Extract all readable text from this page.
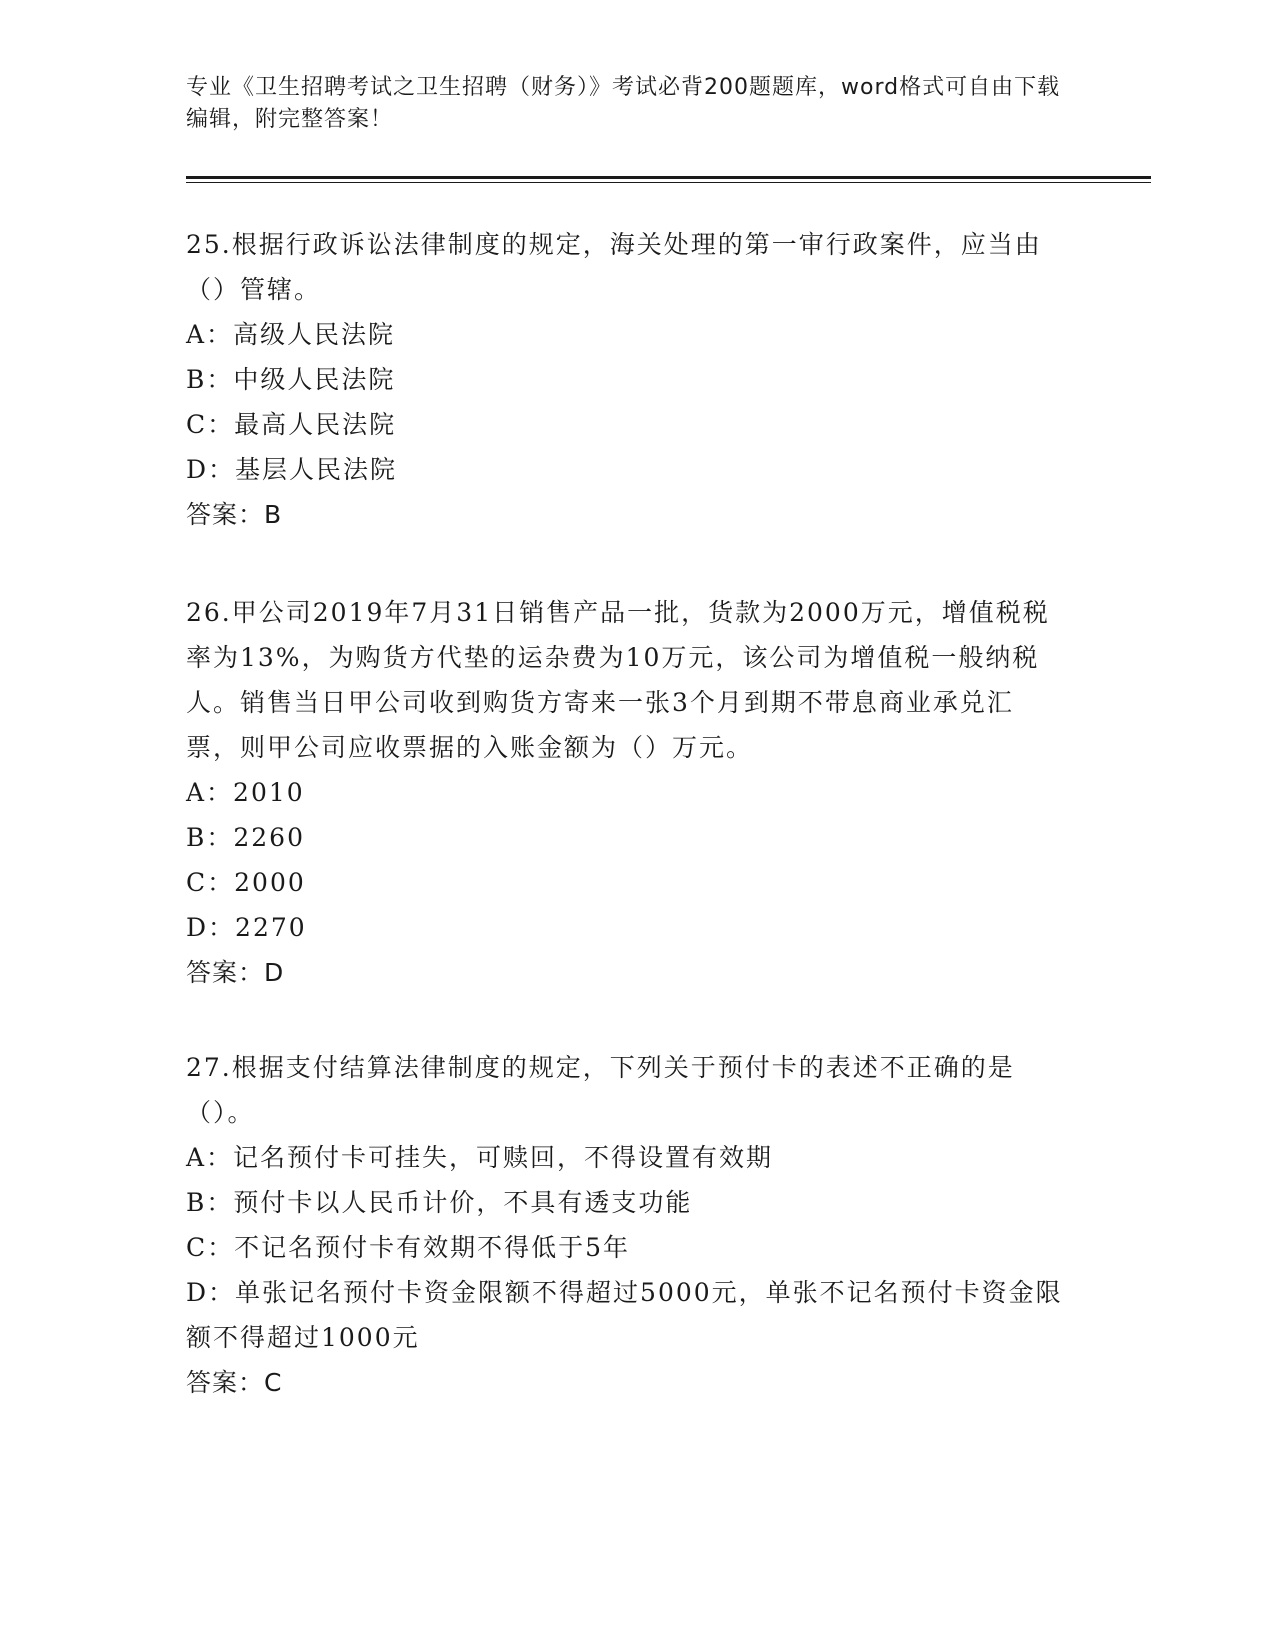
专业《卫生招聘考试之卫生招聘（财务）》考试必背200题题库，word格式可自由下载编辑，附完整答案！

25.根据行政诉讼法律制度的规定，海关处理的第一审行政案件，应当由（）管辖。

A：高级人民法院

B：中级人民法院

C：最高人民法院

D：基层人民法院

答案：B

26.甲公司2019年7月31日销售产品一批，货款为2000万元，增值税税率为13%，为购货方代垫的运杂费为10万元，该公司为增值税一般纳税人。销售当日甲公司收到购货方寄来一张3个月到期不带息商业承兑汇票，则甲公司应收票据的入账金额为（）万元。

A：2010

B：2260

C：2000

D：2270

答案：D

27.根据支付结算法律制度的规定，下列关于预付卡的表述不正确的是（）。

A：记名预付卡可挂失，可赎回，不得设置有效期

B：预付卡以人民币计价，不具有透支功能

C：不记名预付卡有效期不得低于5年

D：单张记名预付卡资金限额不得超过5000元，单张不记名预付卡资金限额不得超过1000元

答案：C
